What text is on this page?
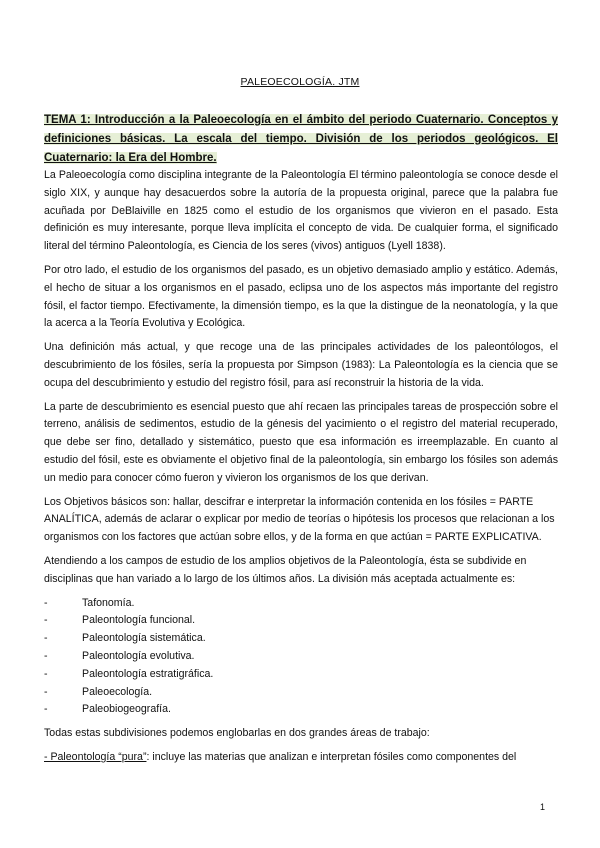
PALEOECOLOGÍA. JTM
TEMA 1: Introducción a la Paleoecología en el ámbito del periodo Cuaternario. Conceptos y definiciones básicas. La escala del tiempo. División de los periodos geológicos. El Cuaternario: la Era del Hombre.

La Paleoecología como disciplina integrante de la Paleontología El término paleontología se conoce desde el siglo XIX, y aunque hay desacuerdos sobre la autoría de la propuesta original, parece que la palabra fue acuñada por DeBlaiville en 1825 como el estudio de los organismos que vivieron en el pasado. Esta definición es muy interesante, porque lleva implícita el concepto de vida. De cualquier forma, el significado literal del término Paleontología, es Ciencia de los seres (vivos) antiguos (Lyell 1838).

Por otro lado, el estudio de los organismos del pasado, es un objetivo demasiado amplio y estático. Además, el hecho de situar a los organismos en el pasado, eclipsa uno de los aspectos más importante del registro fósil, el factor tiempo. Efectivamente, la dimensión tiempo, es la que la distingue de la neonatología, y la que la acerca a la Teoría Evolutiva y Ecológica.

Una definición más actual, y que recoge una de las principales actividades de los paleontólogos, el descubrimiento de los fósiles, sería la propuesta por Simpson (1983): La Paleontología es la ciencia que se ocupa del descubrimiento y estudio del registro fósil, para así reconstruir la historia de la vida.

La parte de descubrimiento es esencial puesto que ahí recaen las principales tareas de prospección sobre el terreno, análisis de sedimentos, estudio de la génesis del yacimiento o el registro del material recuperado, que debe ser fino, detallado y sistemático, puesto que esa información es irreemplazable. En cuanto al estudio del fósil, este es obviamente el objetivo final de la paleontología, sin embargo los fósiles son además un medio para conocer cómo fueron y vivieron los organismos de los que derivan.

Los Objetivos básicos son: hallar, descifrar e interpretar la información contenida en los fósiles = PARTE ANALÍTICA, además de aclarar o explicar por medio de teorías o hipótesis los procesos que relacionan a los organismos con los factores que actúan sobre ellos, y de la forma en que actúan = PARTE EXPLICATIVA.

Atendiendo a los campos de estudio de los amplios objetivos de la Paleontología, ésta se subdivide en disciplinas que han variado a lo largo de los últimos años. La división más aceptada actualmente es:

-	Tafonomía.
-	Paleontología funcional.
-	Paleontología sistemática.
-	Paleontología evolutiva.
-	Paleontología estratigráfica.
-	Paleoecología.
-	Paleobiogeografía.

Todas estas subdivisiones podemos englobarlas en dos grandes áreas de trabajo:

- Paleontología “pura”: incluye las materias que analizan e interpretan fósiles como componentes del

1
